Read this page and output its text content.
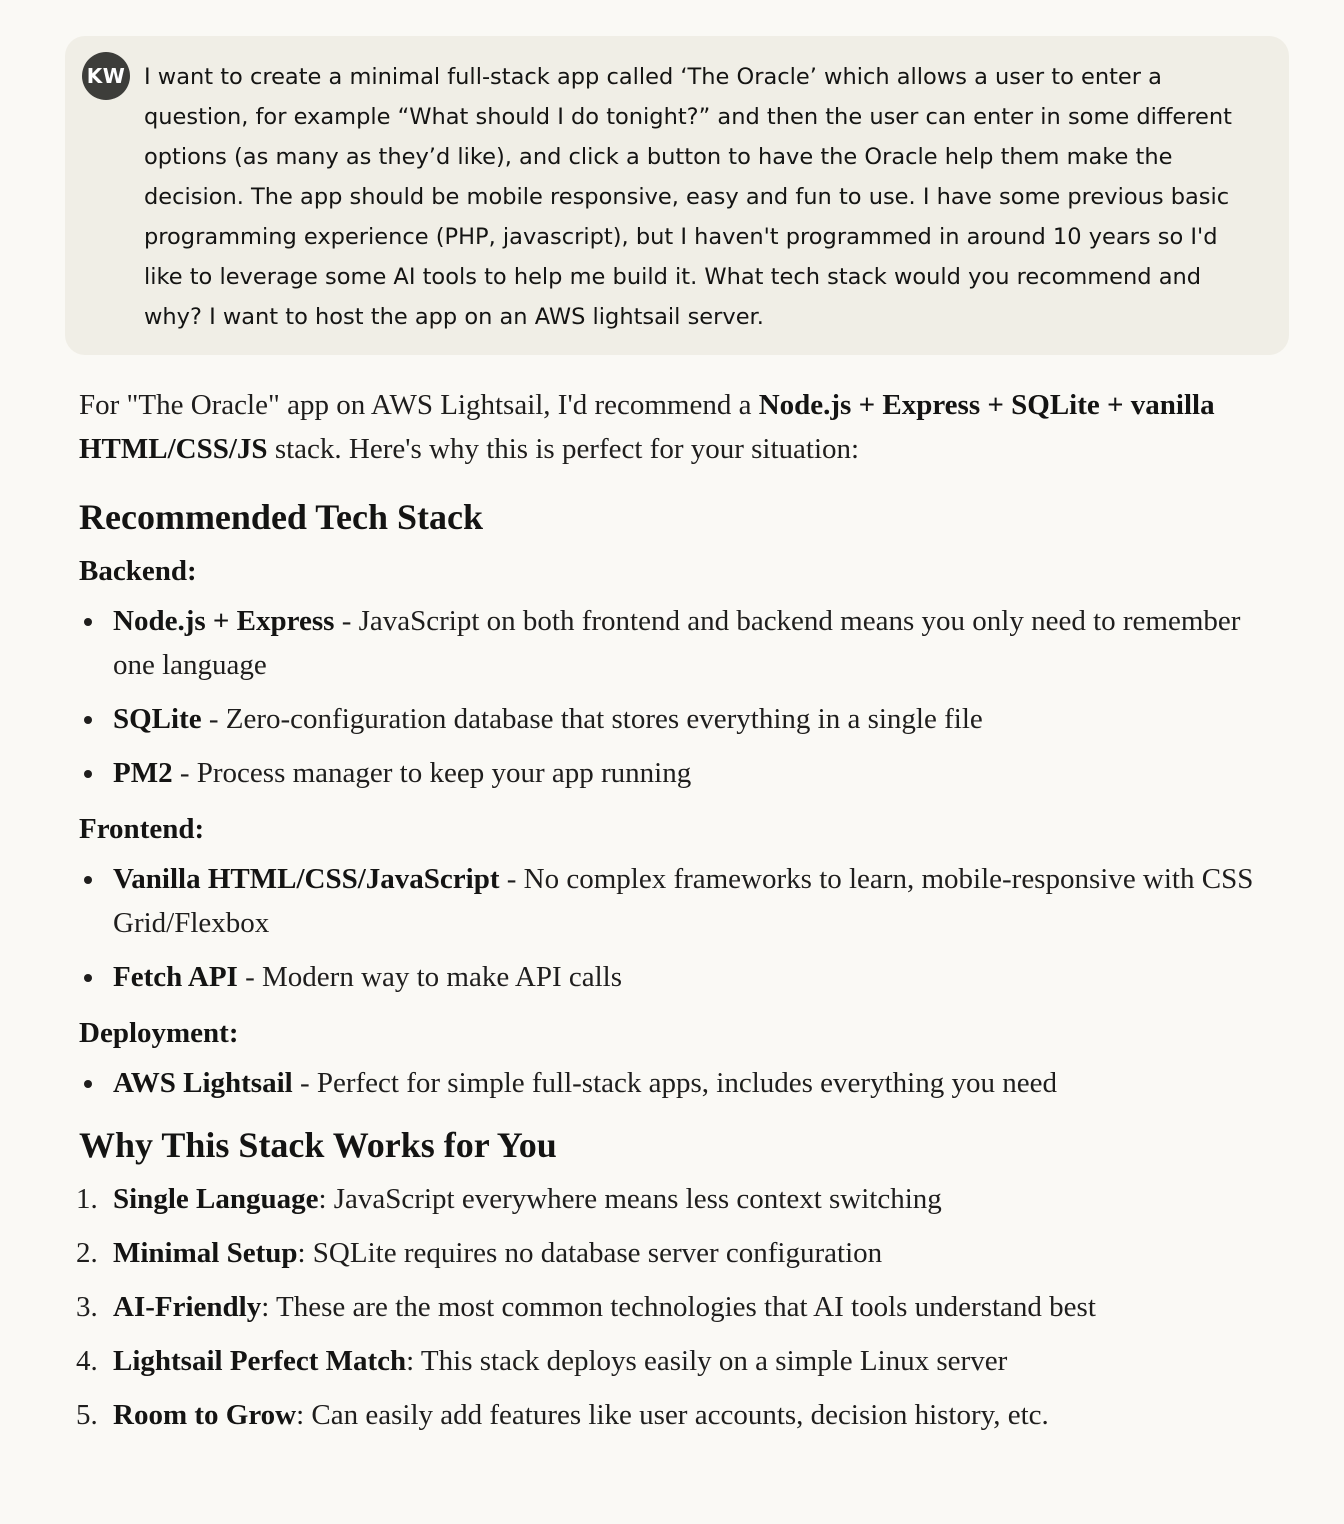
KW I want to create a minimal full-stack app called ‘The Oracle’ which allows a user to enter a question, for example “What should I do tonight?” and then the user can enter in some different options (as many as they’d like), and click a button to have the Oracle help them make the decision. The app should be mobile responsive, easy and fun to use. I have some previous basic programming experience (PHP, javascript), but I haven't programmed in around 10 years so I'd like to leverage some AI tools to help me build it. What tech stack would you recommend and why? I want to host the app on an AWS lightsail server.

For "The Oracle" app on AWS Lightsail, I'd recommend a Node.js + Express + SQLite + vanilla HTML/CSS/JS stack. Here's why this is perfect for your situation:

Recommended Tech Stack

Backend:

Node.js + Express - JavaScript on both frontend and backend means you only need to remember one language
SQLite - Zero-configuration database that stores everything in a single file
PM2 - Process manager to keep your app running

Frontend:

Vanilla HTML/CSS/JavaScript - No complex frameworks to learn, mobile-responsive with CSS Grid/Flexbox
Fetch API - Modern way to make API calls

Deployment:

AWS Lightsail - Perfect for simple full-stack apps, includes everything you need
Why This Stack Works for You
1. Single Language: JavaScript everywhere means less context switching
2. Minimal Setup: SQLite requires no database server configuration
3. AI-Friendly: These are the most common technologies that AI tools understand best
4. Lightsail Perfect Match: This stack deploys easily on a simple Linux server
5. Room to Grow: Can easily add features like user accounts, decision history, etc.
